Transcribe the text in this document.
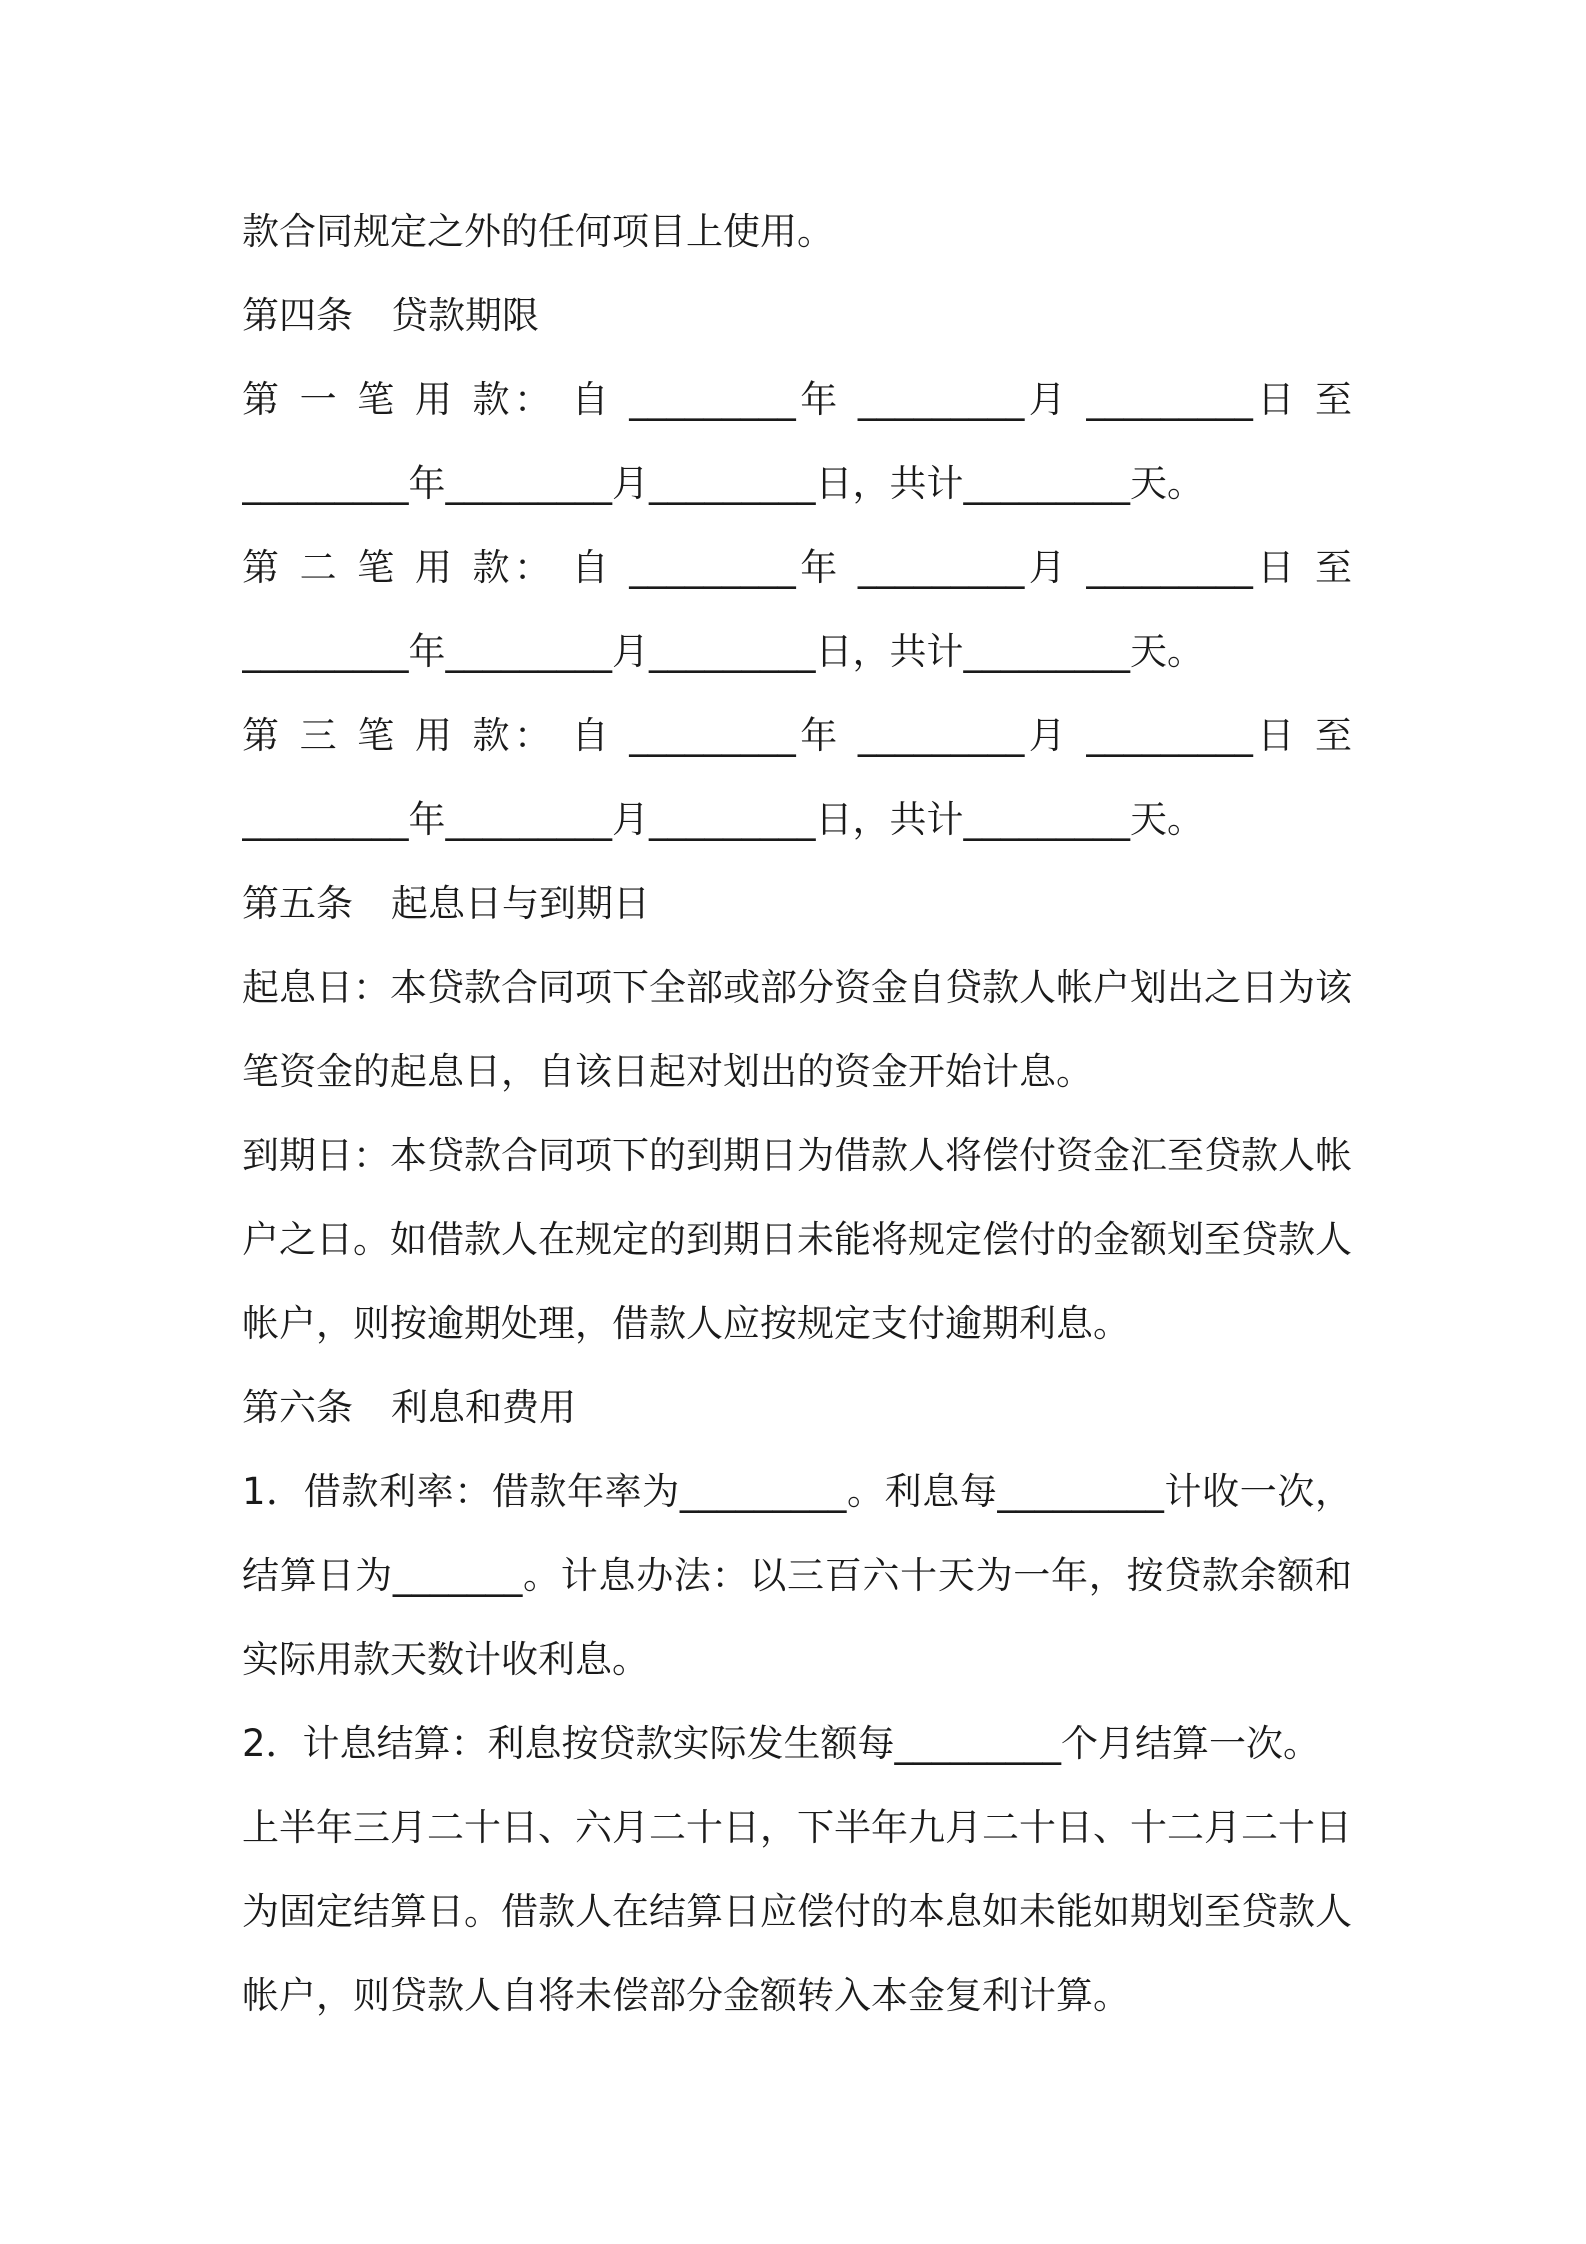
款合同规定之外的任何项目上使用。
第四条 贷款期限
第 一 笔 用 款： 自 _________年 _________月 _________日 至
_________年_________月_________日，共计_________天。
第 二 笔 用 款： 自 _________年 _________月 _________日 至
_________年_________月_________日，共计_________天。
第 三 笔 用 款： 自 _________年 _________月 _________日 至
_________年_________月_________日，共计_________天。
第五条 起息日与到期日
起息日：本贷款合同项下全部或部分资金自贷款人帐户划出之日为该
笔资金的起息日，自该日起对划出的资金开始计息。
到期日：本贷款合同项下的到期日为借款人将偿付资金汇至贷款人帐
户之日。如借款人在规定的到期日未能将规定偿付的金额划至贷款人
帐户，则按逾期处理，借款人应按规定支付逾期利息。
第六条 利息和费用
1．借款利率：借款年率为_________。利息每_________计收一次，
结算日为_______。计息办法：以三百六十天为一年，按贷款余额和
实际用款天数计收利息。
2．计息结算：利息按贷款实际发生额每_________个月结算一次。
上半年三月二十日、六月二十日，下半年九月二十日、十二月二十日
为固定结算日。借款人在结算日应偿付的本息如未能如期划至贷款人
帐户，则贷款人自将未偿部分金额转入本金复利计算。
